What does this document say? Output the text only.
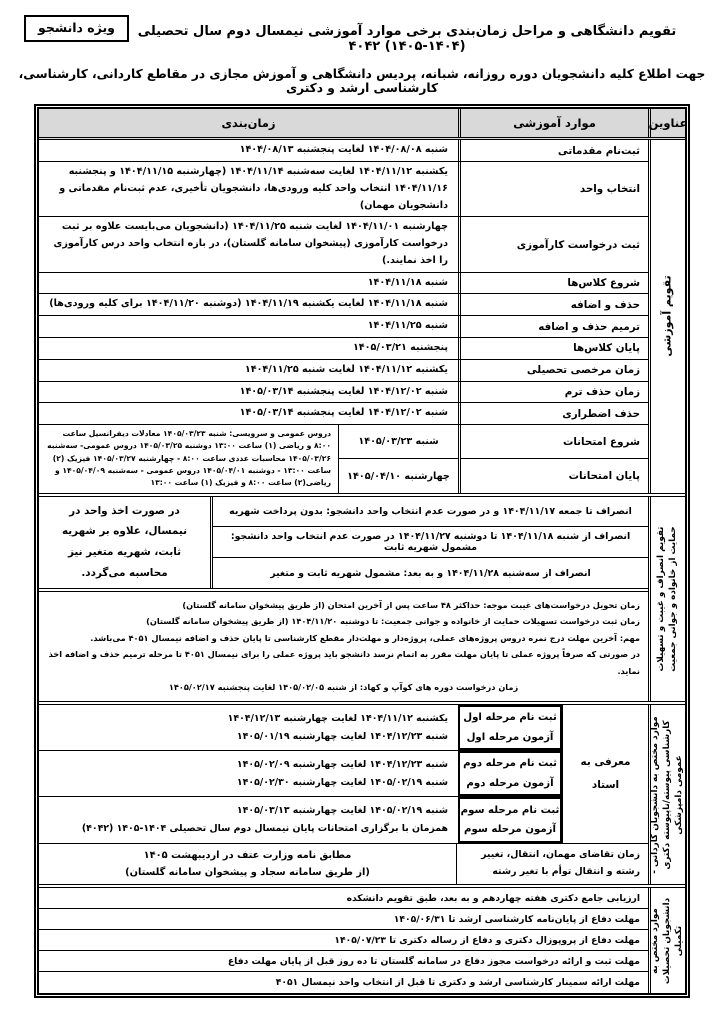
ویژه دانشجو	تقویم دانشگاهی و مراحل زمان‌بندی برخی موارد آموزشی نیمسال دوم سال تحصیلی (۱۴۰۴-۱۴۰۵) ۴۰۴۲
جهت اطلاع کلیه دانشجویان دوره روزانه، شبانه، پردیس دانشگاهی و آموزش مجازی در مقاطع کاردانی، کارشناسی، کارشناسی ارشد و دکتری
عناوین
موارد آموزشی
زمان‌بندی
تقویم آموزشی
ثبت‌نام مقدماتی
شنبه ۱۴۰۴/۰۸/۰۸ لغایت پنجشنبه ۱۴۰۴/۰۸/۱۳
انتخاب واحد
یکشنبه ۱۴۰۴/۱۱/۱۲ لغایت سه‌شنبه ۱۴۰۴/۱۱/۱۴ (چهارشنبه ۱۴۰۴/۱۱/۱۵ و پنجشنبه ۱۴۰۴/۱۱/۱۶ انتخاب واحد کلیه ورودی‌ها، دانشجویان تأخیری، عدم ثبت‌نام مقدماتی و دانشجویان مهمان)
ثبت درخواست کارآموزی
چهارشنبه ۱۴۰۴/۱۱/۰۱ لغایت شنبه ۱۴۰۴/۱۱/۲۵ (دانشجویان می‌بایست علاوه بر ثبت درخواست کارآموزی (پیشخوان سامانه گلستان)، در بازه انتخاب واحد درس کارآموزی را اخذ نمایند.)
شروع کلاس‌ها
شنبه ۱۴۰۴/۱۱/۱۸
حذف و اضافه
شنبه ۱۴۰۴/۱۱/۱۸ لغایت یکشنبه ۱۴۰۴/۱۱/۱۹ (دوشنبه ۱۴۰۴/۱۱/۲۰ برای کلیه ورودی‌ها)
ترمیم حذف و اضافه
شنبه ۱۴۰۴/۱۱/۲۵
پایان کلاس‌ها
پنجشنبه ۱۴۰۵/۰۳/۲۱
زمان مرخصی تحصیلی
یکشنبه ۱۴۰۴/۱۱/۱۲ لغایت شنبه ۱۴۰۴/۱۱/۲۵
زمان حذف ترم
شنبه ۱۴۰۴/۱۲/۰۲ لغایت پنجشنبه ۱۴۰۵/۰۳/۱۴
حذف اضطراری
شنبه ۱۴۰۴/۱۲/۰۲ لغایت پنجشنبه ۱۴۰۵/۰۳/۱۴
شروع امتحانات
پایان امتحانات
شنبه ۱۴۰۵/۰۳/۲۳
چهارشنبه ۱۴۰۵/۰۴/۱۰
دروس عمومی و سرویسی: شنبه ۱۴۰۵/۰۳/۲۳ معادلات دیفرانسیل ساعت ۸:۰۰ و ریاضی (۱) ساعت ۱۳:۰۰ دوشنبه ۱۴۰۵/۰۳/۲۵ دروس عمومی- سه‌شنبه ۱۴۰۵/۰۳/۲۶ محاسبات عددی ساعت ۸:۰۰ - چهارشنبه ۱۴۰۵/۰۳/۲۷ فیزیک (۲) ساعت ۱۳:۰۰ - دوشنبه ۱۴۰۵/۰۴/۰۱ دروس عمومی - سه‌شنبه ۱۴۰۵/۰۴/۰۹ و ریاضی(۲) ساعت ۸:۰۰ و فیزیک (۱) ساعت ۱۳:۰۰
تقویم انصراف و غیبت و تسهیلات حمایت از خانواده و جوانی جمعیت
انصراف تا جمعه ۱۴۰۴/۱۱/۱۷ و در صورت عدم انتخاب واحد دانشجو: بدون پرداخت شهریه
انصراف از شنبه ۱۴۰۴/۱۱/۱۸ تا دوشنبه ۱۴۰۴/۱۱/۲۷ در صورت عدم انتخاب واحد دانشجو: مشمول شهریه ثابت
انصراف از سه‌شنبه ۱۴۰۴/۱۱/۲۸ و به بعد: مشمول شهریه ثابت و متغیر
در صورت اخذ واحد در نیمسال، علاوه بر شهریه ثابت، شهریه متغیر نیز محاسبه می‌گردد.
زمان تحویل درخواست‌های غیبت موجه: حداکثر ۴۸ ساعت پس از آخرین امتحان (از طریق پیشخوان سامانه گلستان)
زمان ثبت درخواست تسهیلات حمایت از خانواده و جوانی جمعیت: تا دوشنبه ۱۴۰۴/۱۱/۲۰ (از طریق پیشخوان سامانه گلستان)
مهم: آخرین مهلت درج نمره دروس پروژه‌های عملی، پروژه‌دار و مهلت‌دار مقطع کارشناسی تا پایان حذف و اضافه نیمسال ۴۰۵۱ می‌باشد.
در صورتی که صرفاً پروژه عملی تا پایان مهلت مقرر به اتمام نرسد دانشجو باید پروژه عملی را برای نیمسال ۴۰۵۱ تا مرحله ترمیم حذف و اضافه اخذ نماید.
زمان درخواست دوره های کوآپ و کهاد: از شنبه ۱۴۰۵/۰۲/۰۵ لغایت پنجشنبه ۱۴۰۵/۰۲/۱۷
موارد مختص به دانشجویان کاردانی - کارشناسی پیوسته/ناپیوسته دکتری عمومی دامپزشکی
معرفی به استاد
ثبت نام مرحله اول
آزمون مرحله اول
یکشنبه ۱۴۰۴/۱۱/۱۲ لغایت چهارشنبه ۱۴۰۴/۱۲/۱۳
شنبه ۱۴۰۴/۱۲/۲۳ لغایت چهارشنبه ۱۴۰۵/۰۱/۱۹
ثبت نام مرحله دوم
آزمون مرحله دوم
شنبه ۱۴۰۴/۱۲/۲۳ لغایت چهارشنبه ۱۴۰۵/۰۲/۰۹
شنبه ۱۴۰۵/۰۲/۱۹ لغایت چهارشنبه ۱۴۰۵/۰۲/۳۰
ثبت نام مرحله سوم
آزمون مرحله سوم
شنبه ۱۴۰۵/۰۲/۱۹ لغایت چهارشنبه ۱۴۰۵/۰۳/۱۳
همزمان با برگزاری امتحانات پایان نیمسال دوم سال تحصیلی ۱۴۰۴-۱۴۰۵ (۴۰۴۲)
زمان تقاضای مهمان، انتقال، تغییر رشته و انتقال توأم با تغیر رشته
مطابق نامه وزارت عتف در اردیبهشت ۱۴۰۵
(از طریق سامانه سجاد و پیشخوان سامانه گلستان)
موارد مختص به دانشجویان تحصیلات تکمیلی
ارزیابی جامع دکتری هفته چهاردهم و به بعد، طبق تقویم دانشکده
مهلت دفاع از پایان‌نامه کارشناسی ارشد تا ۱۴۰۵/۰۶/۳۱
مهلت دفاع از پروپوزال دکتری و دفاع از رساله دکتری تا ۱۴۰۵/۰۷/۲۳
مهلت ثبت و ارائه درخواست مجوز دفاع در سامانه گلستان تا ده روز قبل از پایان مهلت دفاع
مهلت ارائه سمینار کارشناسی ارشد و دکتری تا قبل از انتخاب واحد نیمسال ۴۰۵۱
